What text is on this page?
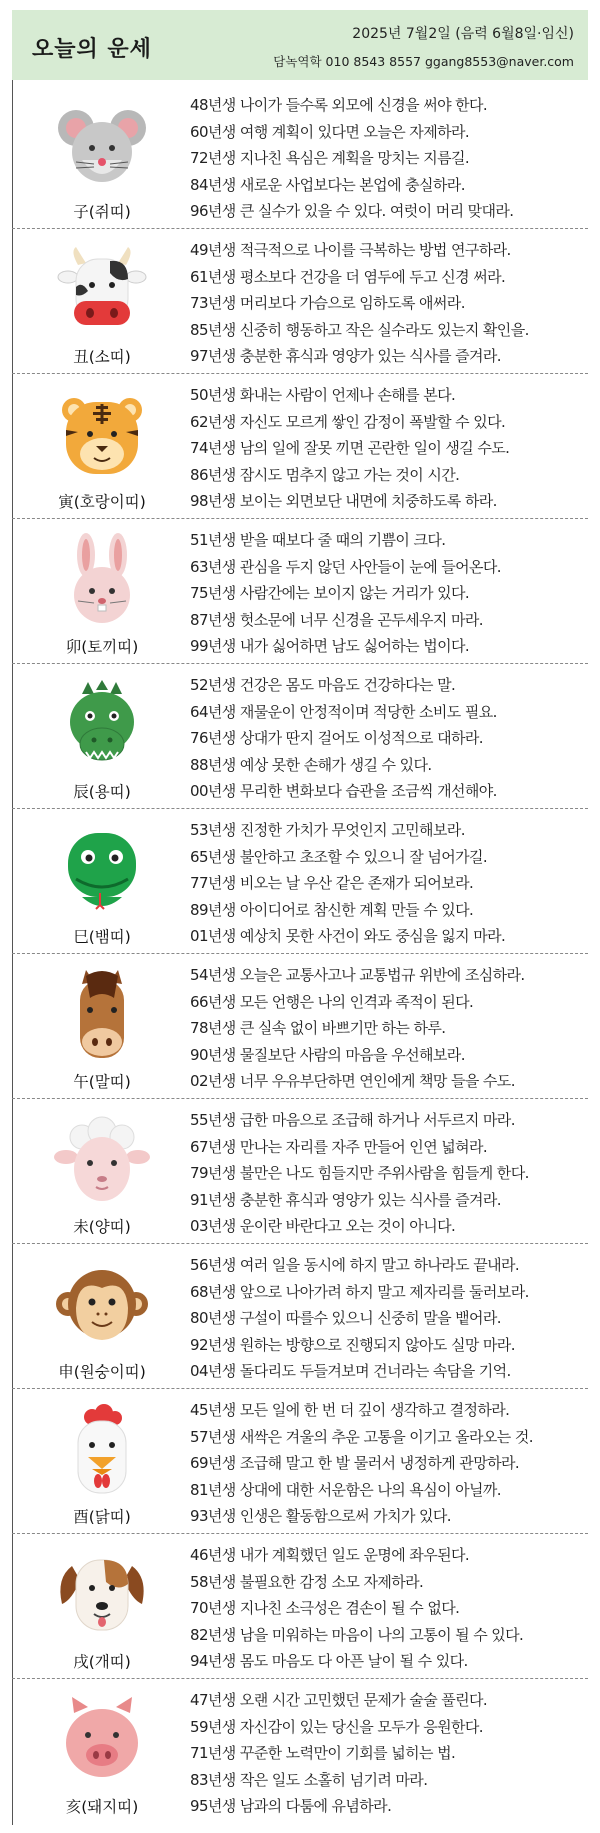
오늘의 운세
2025년 7월2일 (음력 6월8일·임신)
담녹역학 010 8543 8557 ggang8553@naver.com
子(쥐띠)
48년생 나이가 들수록 외모에 신경을 써야 한다.
60년생 여행 계획이 있다면 오늘은 자제하라.
72년생 지나친 욕심은 계획을 망치는 지름길.
84년생 새로운 사업보다는 본업에 충실하라.
96년생 큰 실수가 있을 수 있다. 여럿이 머리 맞대라.
丑(소띠)
49년생 적극적으로 나이를 극복하는 방법 연구하라.
61년생 평소보다 건강을 더 염두에 두고 신경 써라.
73년생 머리보다 가슴으로 임하도록 애써라.
85년생 신중히 행동하고 작은 실수라도 있는지 확인을.
97년생 충분한 휴식과 영양가 있는 식사를 즐겨라.
寅(호랑이띠)
50년생 화내는 사람이 언제나 손해를 본다.
62년생 자신도 모르게 쌓인 감정이 폭발할 수 있다.
74년생 남의 일에 잘못 끼면 곤란한 일이 생길 수도.
86년생 잠시도 멈추지 않고 가는 것이 시간.
98년생 보이는 외면보단 내면에 치중하도록 하라.
卯(토끼띠)
51년생 받을 때보다 줄 때의 기쁨이 크다.
63년생 관심을 두지 않던 사안들이 눈에 들어온다.
75년생 사람간에는 보이지 않는 거리가 있다.
87년생 헛소문에 너무 신경을 곤두세우지 마라.
99년생 내가 싫어하면 남도 싫어하는 법이다.
辰(용띠)
52년생 건강은 몸도 마음도 건강하다는 말.
64년생 재물운이 안정적이며 적당한 소비도 필요.
76년생 상대가 딴지 걸어도 이성적으로 대하라.
88년생 예상 못한 손해가 생길 수 있다.
00년생 무리한 변화보다 습관을 조금씩 개선해야.
巳(뱀띠)
53년생 진정한 가치가 무엇인지 고민해보라.
65년생 불안하고 초조할 수 있으니 잘 넘어가길.
77년생 비오는 날 우산 같은 존재가 되어보라.
89년생 아이디어로 참신한 계획 만들 수 있다.
01년생 예상치 못한 사건이 와도 중심을 잃지 마라.
午(말띠)
54년생 오늘은 교통사고나 교통법규 위반에 조심하라.
66년생 모든 언행은 나의 인격과 족적이 된다.
78년생 큰 실속 없이 바쁘기만 하는 하루.
90년생 물질보단 사람의 마음을 우선해보라.
02년생 너무 우유부단하면 연인에게 책망 들을 수도.
未(양띠)
55년생 급한 마음으로 조급해 하거나 서두르지 마라.
67년생 만나는 자리를 자주 만들어 인연 넓혀라.
79년생 불만은 나도 힘들지만 주위사람을 힘들게 한다.
91년생 충분한 휴식과 영양가 있는 식사를 즐겨라.
03년생 운이란 바란다고 오는 것이 아니다.
申(원숭이띠)
56년생 여러 일을 동시에 하지 말고 하나라도 끝내라.
68년생 앞으로 나아가려 하지 말고 제자리를 둘러보라.
80년생 구설이 따를수 있으니 신중히 말을 뱉어라.
92년생 원하는 방향으로 진행되지 않아도 실망 마라.
04년생 돌다리도 두들겨보며 건너라는 속담을 기억.
酉(닭띠)
45년생 모든 일에 한 번 더 깊이 생각하고 결정하라.
57년생 새싹은 겨울의 추운 고통을 이기고 올라오는 것.
69년생 조급해 말고 한 발 물러서 냉정하게 관망하라.
81년생 상대에 대한 서운함은 나의 욕심이 아닐까.
93년생 인생은 활동함으로써 가치가 있다.
戌(개띠)
46년생 내가 계획했던 일도 운명에 좌우된다.
58년생 불필요한 감정 소모 자제하라.
70년생 지나친 소극성은 겸손이 될 수 없다.
82년생 남을 미워하는 마음이 나의 고통이 될 수 있다.
94년생 몸도 마음도 다 아픈 날이 될 수 있다.
亥(돼지띠)
47년생 오랜 시간 고민했던 문제가 술술 풀린다.
59년생 자신감이 있는 당신을 모두가 응원한다.
71년생 꾸준한 노력만이 기회를 넓히는 법.
83년생 작은 일도 소홀히 넘기려 마라.
95년생 남과의 다툼에 유념하라.
